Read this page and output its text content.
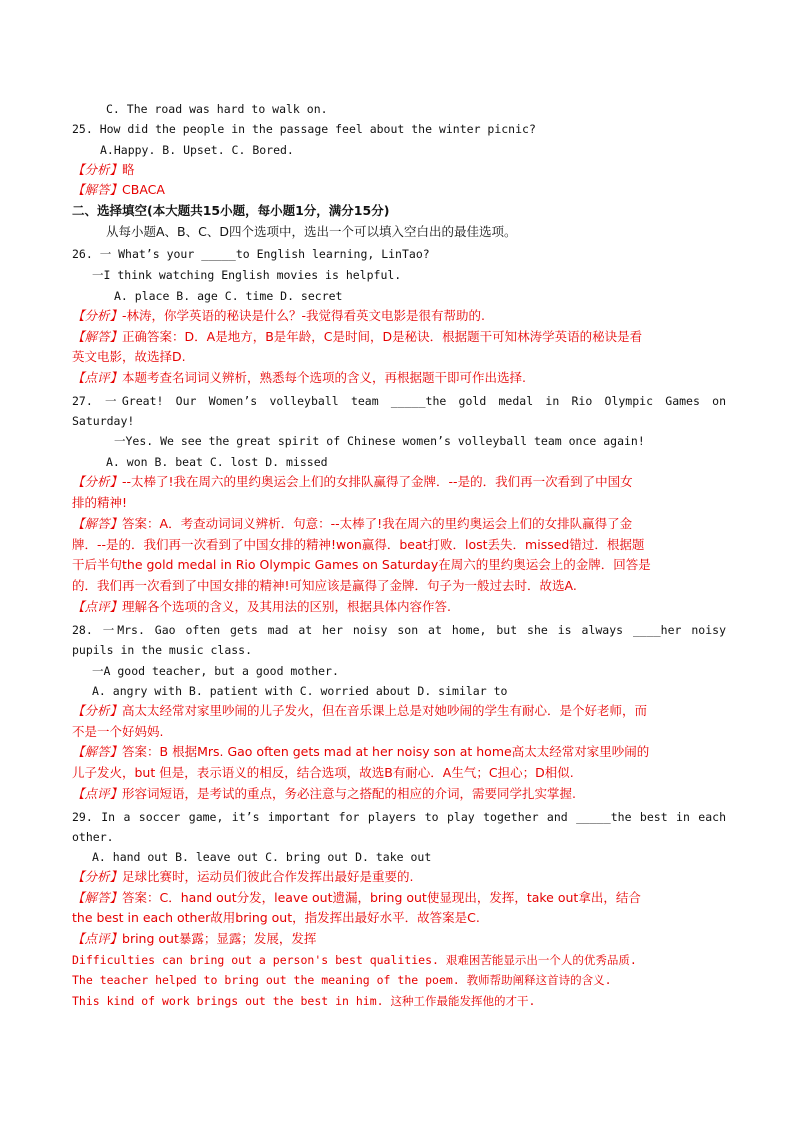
C. The road was hard to walk on.
25. How did the people in the passage feel about the winter picnic?
A.Happy. B. Upset. C. Bored.
【分析】略
【解答】CBACA
二、选择填空(本大题共15小题，每小题1分，满分15分)
从每小题A、B、C、D四个选项中，选出一个可以填入空白出的最佳选项。
26. 一 What’s your _____to English learning, LinTao?
一I think watching English movies is helpful.
A. place B. age C. time D. secret
【分析】-林涛，你学英语的秘诀是什么？-我觉得看英文电影是很有帮助的.
【解答】正确答案：D．A是地方，B是年龄，C是时间，D是秘诀．根据题干可知林涛学英语的秘诀是看
英文电影，故选择D.
【点评】本题考查名词词义辨析，熟悉每个选项的含义，再根据题干即可作出选择.
27. 一Great! Our Women’s volleyball team _____the gold medal in Rio Olympic Games on
Saturday!
一Yes. We see the great spirit of Chinese women’s volleyball team once again!
A. won B. beat C. lost D. missed
【分析】--太棒了!我在周六的里约奥运会上们的女排队赢得了金牌．--是的．我们再一次看到了中国女
排的精神!
【解答】答案：A．考查动词词义辨析．句意：--太棒了!我在周六的里约奥运会上们的女排队赢得了金
牌．--是的．我们再一次看到了中国女排的精神!won赢得．beat打败．lost丢失．missed错过．根据题
干后半句the gold medal in Rio Olympic Games on Saturday在周六的里约奥运会上的金牌．回答是
的．我们再一次看到了中国女排的精神!可知应该是赢得了金牌．句子为一般过去时．故选A.
【点评】理解各个选项的含义，及其用法的区别，根据具体内容作答.
28. 一Mrs. Gao often gets mad at her noisy son at home, but she is always ____her noisy
pupils in the music class.
一A good teacher, but a good mother.
A. angry with B. patient with C. worried about D. similar to
【分析】高太太经常对家里吵闹的儿子发火，但在音乐课上总是对她吵闹的学生有耐心．是个好老师，而
不是一个好妈妈.
【解答】答案：B 根据Mrs. Gao often gets mad at her noisy son at home高太太经常对家里吵闹的
儿子发火，but 但是，表示语义的相反，结合选项，故选B有耐心．A生气；C担心；D相似.
【点评】形容词短语，是考试的重点，务必注意与之搭配的相应的介词，需要同学扎实掌握.
29. In a soccer game, it’s important for players to play together and _____the best in each
other.
A. hand out B. leave out C. bring out D. take out
【分析】足球比赛时，运动员们彼此合作发挥出最好是重要的.
【解答】答案：C．hand out分发，leave out遗漏，bring out使显现出，发挥，take out拿出，结合
the best in each other故用bring out，指发挥出最好水平．故答案是C.
【点评】bring out暴露；显露；发展，发挥
Difficulties can bring out a person's best qualities. 艰难困苦能显示出一个人的优秀品质.
The teacher helped to bring out the meaning of the poem. 教师帮助阐释这首诗的含义.
This kind of work brings out the best in him. 这种工作最能发挥他的才干.
